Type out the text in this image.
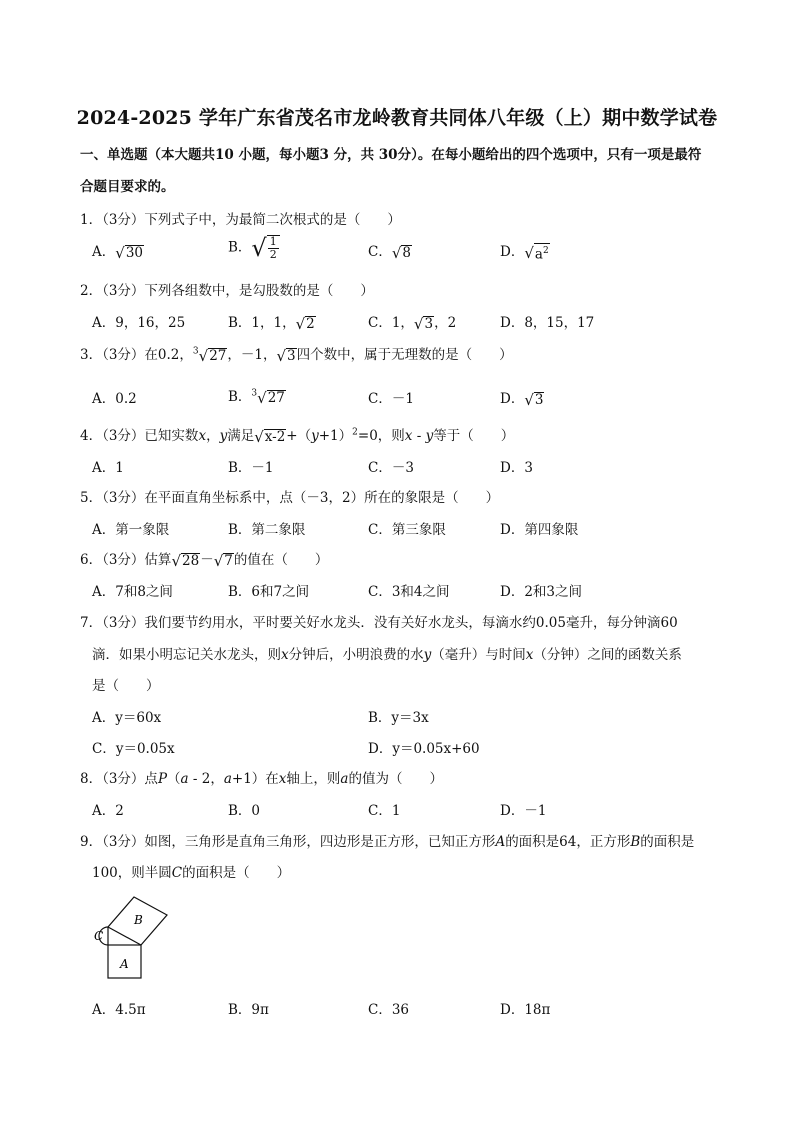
2024-2025 学年广东省茂名市龙岭教育共同体八年级（上）期中数学试卷
一、单选题（本大题共10 小题，每小题3 分，共 30分）。在每小题给出的四个选项中，只有一项是最符
合题目要求的。
1．（3分）下列式子中，为最简二次根式的是（　　）
A．√30	B．√ $\frac{1}{2}$	C．√8	D．$√a^2$
2．（3分）下列各组数中，是勾股数的是（　　）
A．9，16，25	B．1，1，√2	C．1，√3，2	D．8，15，17
3．（3分）在0.2，$^3$√27，－1，√3四个数中，属于无理数的是（　　）
A．0.2	B．$^3$√27	C．－1	D．√3
4．（3分）已知实数x，y满足$√x-2+(y+1)^2=0$，则x - y等于（　　）
A．1	B．－1	C．－3	D．3
5．（3分）在平面直角坐标系中，点（－3，2）所在的象限是（　　）
A．第一象限	B．第二象限	C．第三象限	D．第四象限
6．（3分）估算√28－√7的值在（　　）
A．7和8之间	B．6和7之间	C．3和4之间	D．2和3之间
7．（3分）我们要节约用水，平时要关好水龙头．没有关好水龙头，每滴水约0.05毫升，每分钟滴60
滴．如果小明忘记关水龙头，则x分钟后，小明浪费的水y（毫升）与时间x（分钟）之间的函数关系
是（　　）
A．y＝60x	B．y＝3x
C．y＝0.05x	D．y＝0.05x+60
8．（3分）点P（a - 2，a+1）在x轴上，则a的值为（　　）
A．2	B．0	C．1	D．－1
9．（3分）如图，三角形是直角三角形，四边形是正方形，已知正方形A的面积是64，正方形B的面积是
100，则半圆C的面积是（　　）
B
A
C
A．4.5π	B．9π	C．36	D．18π
